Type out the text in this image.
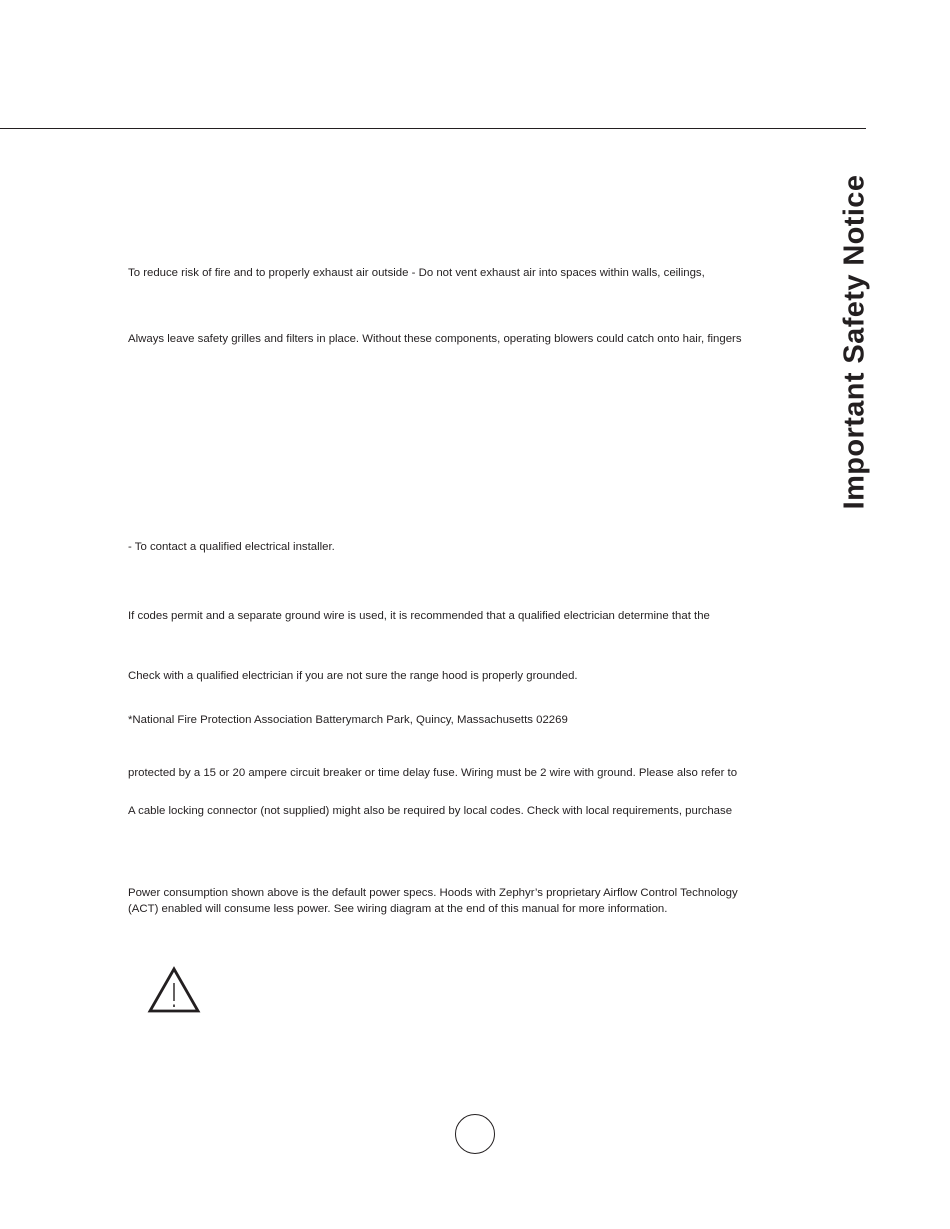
Important Safety Notice

To reduce risk of fire and to properly exhaust air outside - Do not vent exhaust air into spaces within walls, ceilings,

Always leave safety grilles and filters in place. Without these components, operating blowers could catch onto hair, fingers

- To contact a qualified electrical installer.

If codes permit and a separate ground wire is used, it is recommended that a qualified electrician determine that the

Check with a qualified electrician if you are not sure the range hood is properly grounded.

*National Fire Protection Association Batterymarch Park, Quincy, Massachusetts 02269

protected by a 15 or 20 ampere circuit breaker or time delay fuse. Wiring must be 2 wire with ground. Please also refer to

A cable locking connector (not supplied) might also be required by local codes. Check with local requirements, purchase

Power consumption shown above is the default power specs. Hoods with Zephyr’s proprietary Airflow Control Technology

(ACT) enabled will consume less power. See wiring diagram at the end of this manual for more information.
